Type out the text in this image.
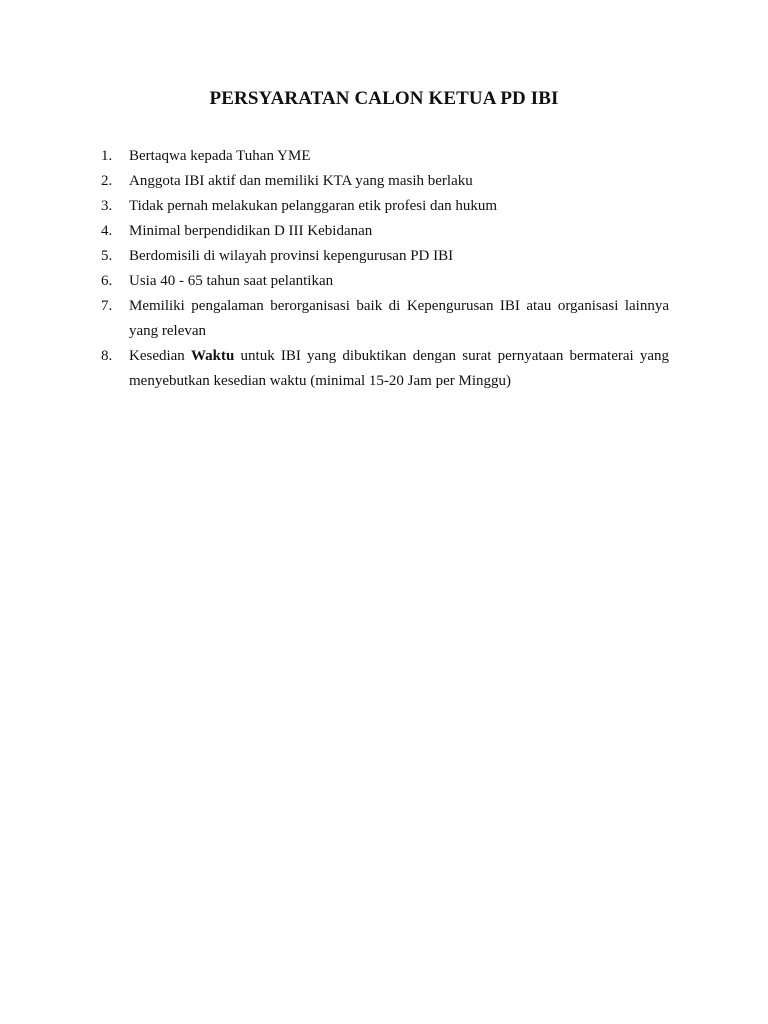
PERSYARATAN CALON KETUA PD IBI
1.	Bertaqwa kepada Tuhan YME
2.	Anggota IBI aktif dan memiliki KTA yang masih berlaku
3.	Tidak pernah melakukan pelanggaran etik profesi dan hukum
4.	Minimal berpendidikan D III Kebidanan
5.	Berdomisili di wilayah provinsi kepengurusan PD IBI
6.	Usia 40 - 65 tahun saat pelantikan
7.	Memiliki pengalaman berorganisasi baik di Kepengurusan IBI atau organisasi lainnya yang relevan
8.	Kesedian Waktu untuk IBI yang dibuktikan dengan surat pernyataan bermaterai yang menyebutkan kesedian waktu (minimal 15-20 Jam per Minggu)
